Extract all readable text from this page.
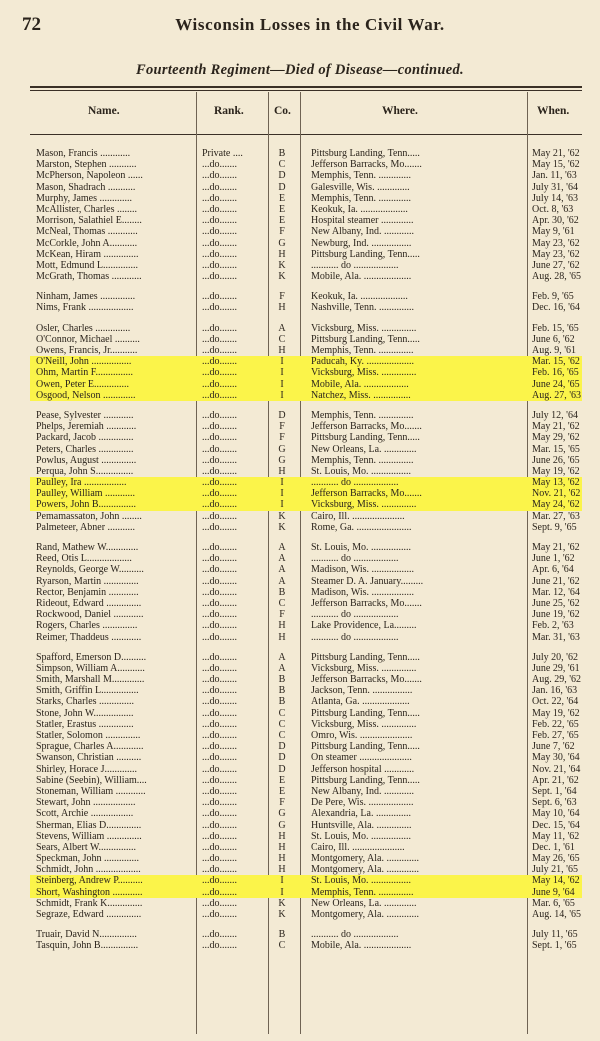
72	Wisconsin Losses in the Civil War.
Fourteenth Regiment—Died of Disease—continued.
Name.	Rank.	Co.	Where.	When.
Mason, Francis ............	Private ....	B	Pittsburg Landing, Tenn.....	May 21, '62
Marston, Stephen ...........	...do.......	C	Jefferson Barracks, Mo.......	May 15, '62
McPherson, Napoleon ......	...do.......	D	Memphis, Tenn. .............	Jan. 11, '63
Mason, Shadrach ...........	...do.......	D	Galesville, Wis. .............	July 31, '64
Murphy, James .............	...do.......	E	Memphis, Tenn. .............	July 14, '63
McAllister, Charles ........	...do.......	E	Keokuk, Ia. ...................	Oct. 8, '63
Morrison, Salathiel E........	...do.......	E	Hospital steamer .............	Apr. 30, '62
McNeal, Thomas ............	...do.......	F	New Albany, Ind. ............	May 9, '61
McCorkle, John A...........	...do.......	G	Newburg, Ind. ................	May 23, '62
McKean, Hiram ..............	...do.......	H	Pittsburg Landing, Tenn.....	May 23, '62
Mott, Edmund L..............	...do.......	K	........... do ..................	June 27, '62
McGrath, Thomas ............	...do.......	K	Mobile, Ala. ...................	Aug. 28, '65
Ninham, James ..............	...do.......	F	Keokuk, Ia. ...................	Feb. 9, '65
Nims, Frank ..................	...do.......	H	Nashville, Tenn. ..............	Dec. 16, '64
Osler, Charles ..............	...do.......	A	Vicksburg, Miss. ..............	Feb. 15, '65
O'Connor, Michael ..........	...do.......	C	Pittsburg Landing, Tenn.....	June 6, '62
Owens, Francis, Jr...........	...do.......	H	Memphis, Tenn. ..............	Aug. 9, '61
O'Neill, John ................	...do.......	I	Paducah, Ky. ...................	Mar. 15, '62
Ohm, Martin F...............	...do.......	I	Vicksburg, Miss. ..............	Feb. 16, '65
Owen, Peter E..............	...do.......	I	Mobile, Ala. ..................	June 24, '65
Osgood, Nelson .............	...do.......	I	Natchez, Miss. ...............	Aug. 27, '63
Pease, Sylvester ............	...do.......	D	Memphis, Tenn. ..............	July 12, '64
Phelps, Jeremiah ............	...do.......	F	Jefferson Barracks, Mo.......	May 21, '62
Packard, Jacob ..............	...do.......	F	Pittsburg Landing, Tenn.....	May 29, '62
Peters, Charles ..............	...do.......	G	New Orleans, La. .............	Mar. 15, '65
Powlus, August ..............	...do.......	G	Memphis, Tenn. ..............	June 26, '65
Perqua, John S...............	...do.......	H	St. Louis, Mo. ................	May 19, '62
Paulley, Ira .................	...do.......	I	........... do ..................	May 13, '62
Paulley, William ............	...do.......	I	Jefferson Barracks, Mo.......	Nov. 21, '62
Powers, John B...............	...do.......	I	Vicksburg, Miss. ..............	May 24, '62
Pemamassaton, John ........	...do.......	K	Cairo, Ill. .....................	Mar. 27, '63
Palmeteer, Abner ...........	...do.......	K	Rome, Ga. ......................	Sept. 9, '65
Rand, Mathew W.............	...do.......	A	St. Louis, Mo. ................	May 21, '62
Reed, Otis L..................	...do.......	A	........... do ..................	June 1, '62
Reynolds, George W..........	...do.......	A	Madison, Wis. .................	Apr. 6, '64
Ryarson, Martin ..............	...do.......	A	Steamer D. A. January.........	June 21, '62
Rector, Benjamin ............	...do.......	B	Madison, Wis. .................	Mar. 12, '64
Rideout, Edward ..............	...do.......	C	Jefferson Barracks, Mo.......	June 25, '62
Rockwood, Daniel ............	...do.......	F	........... do ..................	June 19, '62
Rogers, Charles ..............	...do.......	H	Lake Providence, La.........	Feb. 2, '63
Reimer, Thaddeus ............	...do.......	H	........... do ..................	Mar. 31, '63
Spafford, Emerson D..........	...do.......	A	Pittsburg Landing, Tenn.....	July 20, '62
Simpson, William A...........	...do.......	A	Vicksburg, Miss. ..............	June 29, '61
Smith, Marshall M.............	...do.......	B	Jefferson Barracks, Mo.......	Aug. 29, '62
Smith, Griffin L...............	...do.......	B	Jackson, Tenn. ................	Jan. 16, '63
Starks, Charles ..............	...do.......	B	Atlanta, Ga. ...................	Oct. 22, '64
Stone, John W................	...do.......	C	Pittsburg Landing, Tenn.....	May 19, '62
Statler, Erastus ..............	...do.......	C	Vicksburg, Miss. ..............	Feb. 22, '65
Statler, Solomon ..............	...do.......	C	Omro, Wis. .....................	Feb. 27, '65
Sprague, Charles A............	...do.......	D	Pittsburg Landing, Tenn.....	June 7, '62
Swanson, Christian ..........	...do.......	D	On steamer .....................	May 30, '64
Shirley, Horace J.............	...do.......	D	Jefferson hospital ............	Nov. 21, '64
Sabine (Seebin), William....	...do.......	E	Pittsburg Landing, Tenn.....	Apr. 21, '62
Stoneman, William ............	...do.......	E	New Albany, Ind. ............	Sept. 1, '64
Stewart, John .................	...do.......	F	De Pere, Wis. ..................	Sept. 6, '63
Scott, Archie .................	...do.......	G	Alexandria, La. ..............	May 10, '64
Sherman, Elias D..............	...do.......	G	Huntsville, Ala. ..............	Dec. 15, '64
Stevens, William ..............	...do.......	H	St. Louis, Mo. ................	May 11, '62
Sears, Albert W...............	...do.......	H	Cairo, Ill. .....................	Dec. 1, '61
Speckman, John ..............	...do.......	H	Montgomery, Ala. .............	May 26, '65
Schmidt, John ..................	...do.......	H	Montgomery, Ala. .............	July 21, '65
Steinberg, Andrew P..........	...do.......	I	St. Louis, Mo. ................	May 14, '62
Short, Washington ............	...do.......	I	Memphis, Tenn. ..............	June 9, '64
Schmidt, Frank K..............	...do.......	K	New Orleans, La. .............	Mar. 6, '65
Segraze, Edward ..............	...do.......	K	Montgomery, Ala. .............	Aug. 14, '65
Truair, David N...............	...do.......	B	........... do ..................	July 11, '65
Tasquin, John B...............	...do.......	C	Mobile, Ala. ...................	Sept. 1, '65
